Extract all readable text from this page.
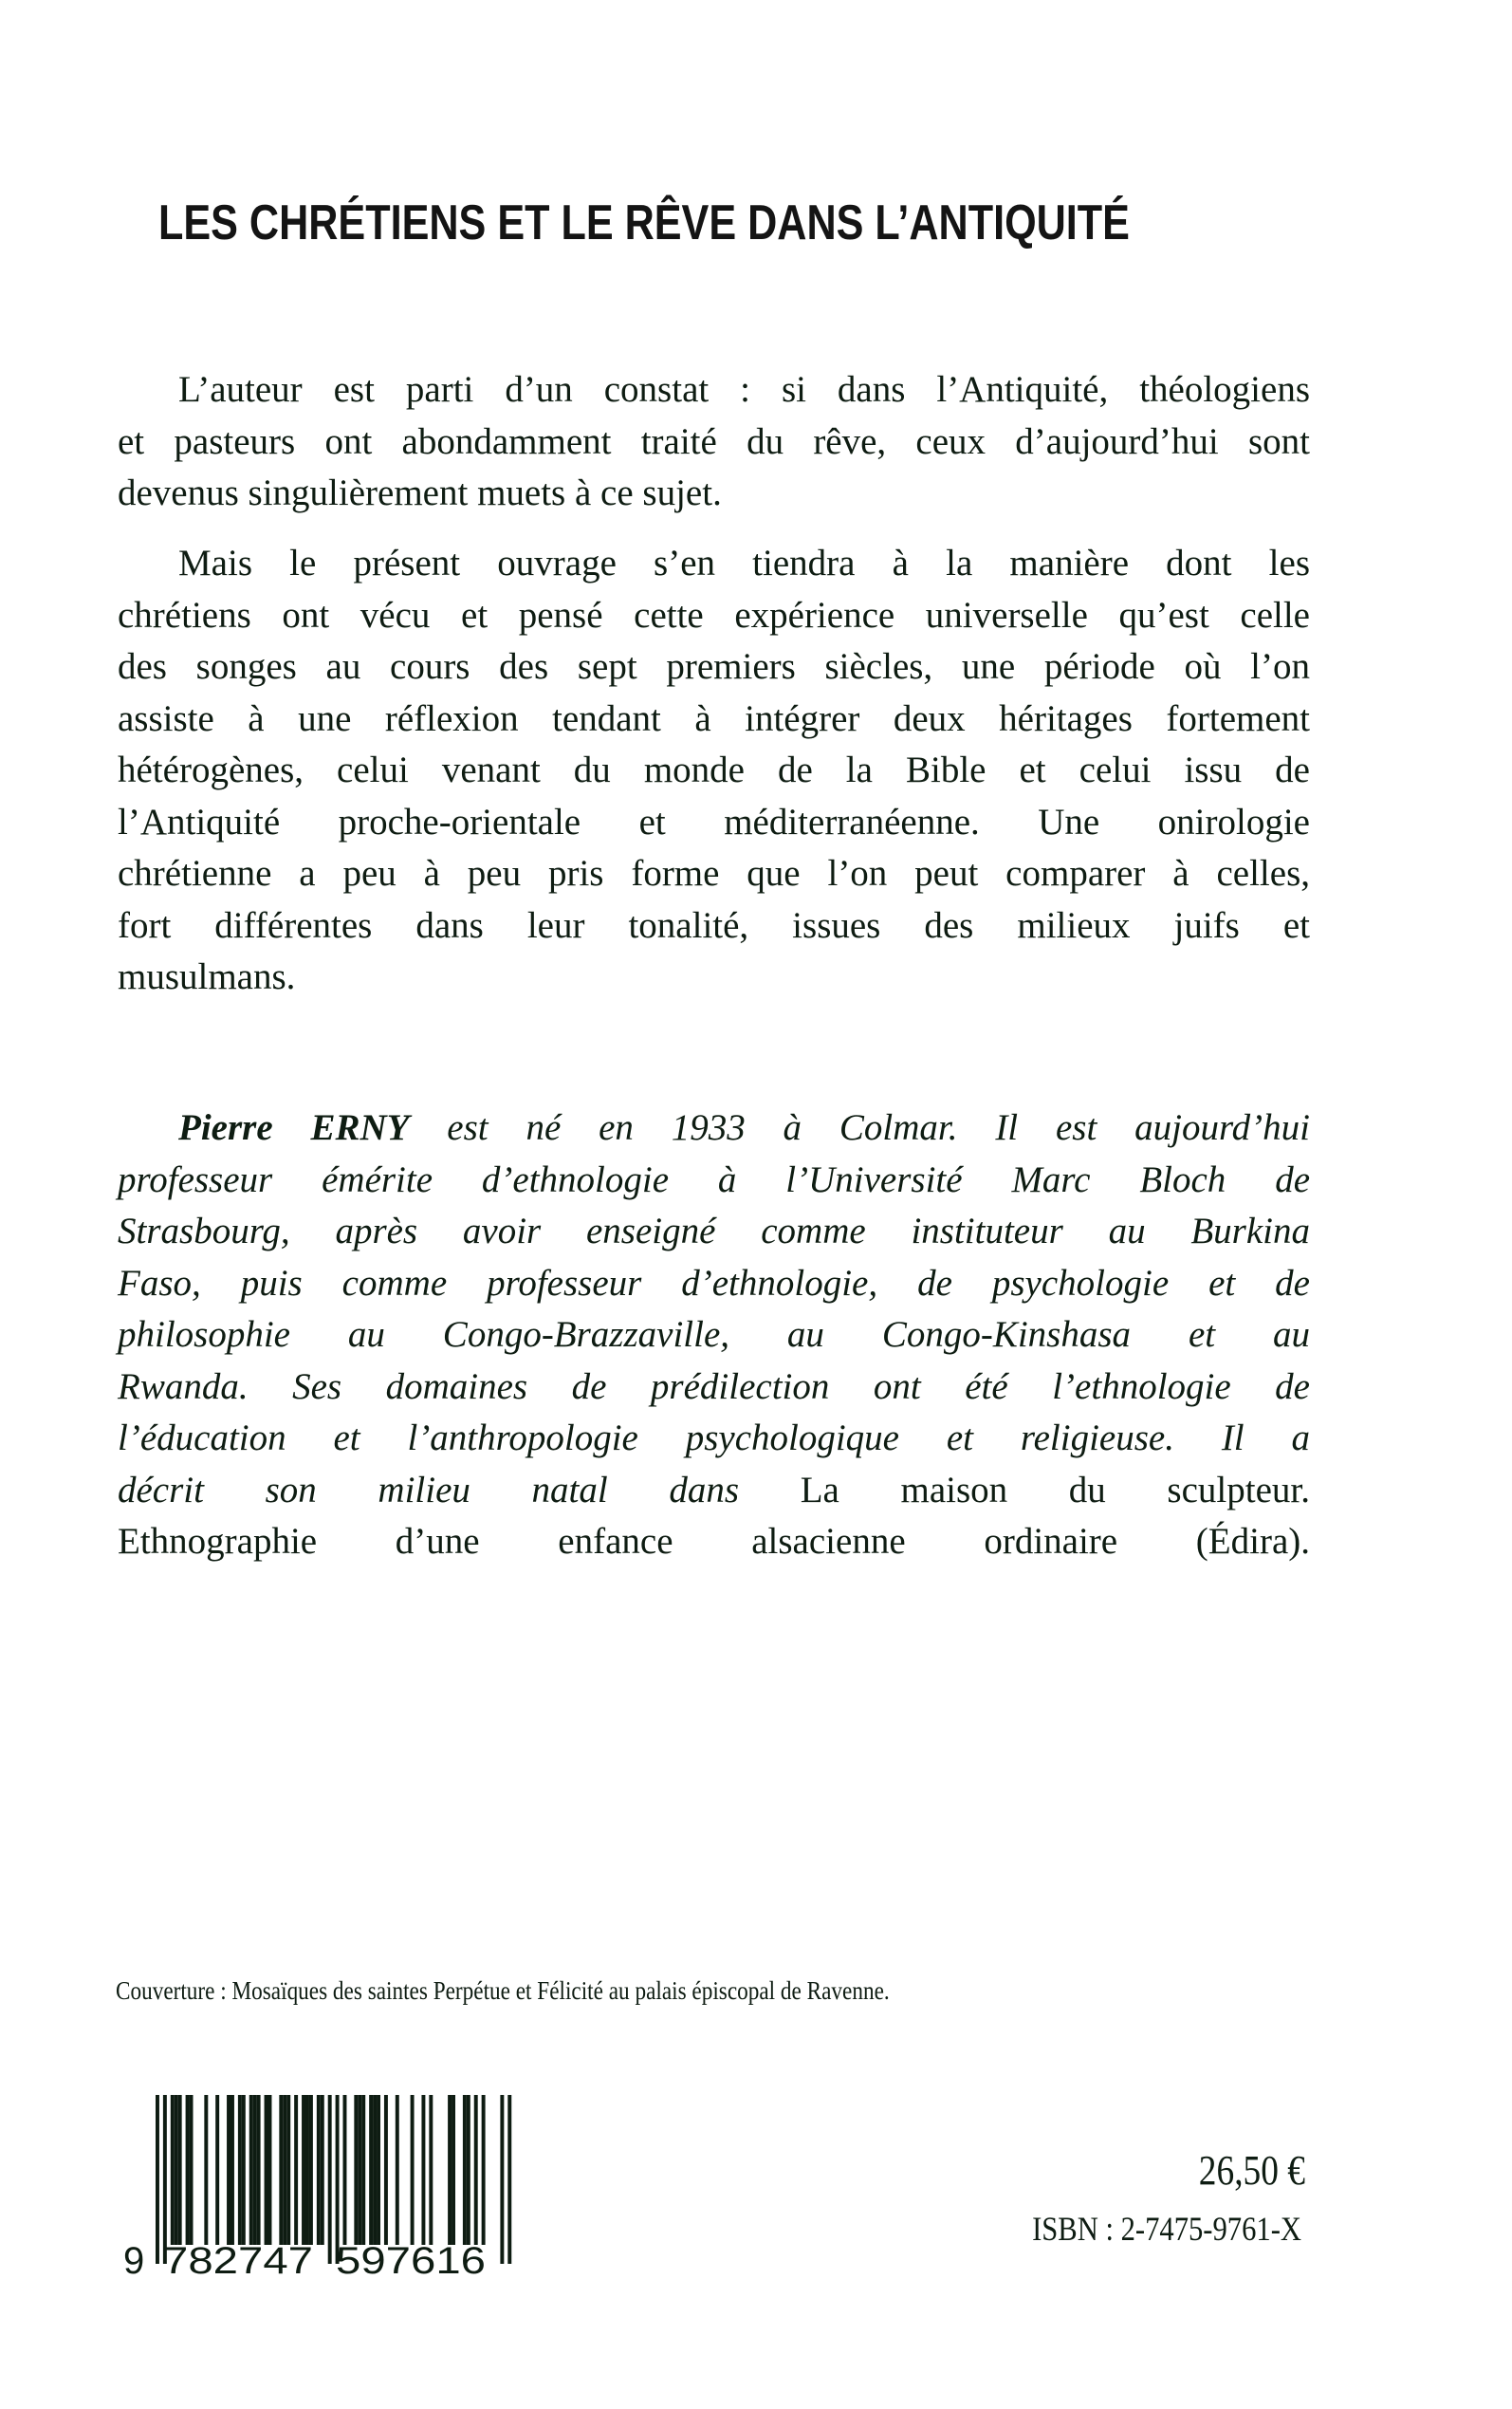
LES CHRÉTIENS ET LE RÊVE DANS L’ANTIQUITÉ
L’auteur est parti d’un constat : si dans l’Antiquité, théologiens
et pasteurs ont abondamment traité du rêve, ceux d’aujourd’hui sont
devenus singulièrement muets à ce sujet.
Mais le présent ouvrage s’en tiendra à la manière dont les
chrétiens ont vécu et pensé cette expérience universelle qu’est celle
des songes au cours des sept premiers siècles, une période où l’on
assiste à une réflexion tendant à intégrer deux héritages fortement
hétérogènes, celui venant du monde de la Bible et celui issu de
l’Antiquité proche-orientale et méditerranéenne. Une onirologie
chrétienne a peu à peu pris forme que l’on peut comparer à celles,
fort différentes dans leur tonalité, issues des milieux juifs et
musulmans.
Pierre ERNY est né en 1933 à Colmar. Il est aujourd’hui
professeur émérite d’ethnologie à l’Université Marc Bloch de
Strasbourg, après avoir enseigné comme instituteur au Burkina
Faso, puis comme professeur d’ethnologie, de psychologie et de
philosophie au Congo-Brazzaville, au Congo-Kinshasa et au
Rwanda. Ses domaines de prédilection ont été l’ethnologie de
l’éducation et l’anthropologie psychologique et religieuse. Il a
décrit son milieu natal dans La maison du sculpteur.
Ethnographie d’une enfance alsacienne ordinaire (Édira).
Couverture : Mosaïques des saintes Perpétue et Félicité au palais épiscopal de Ravenne.
9 782747 597616
26,50 €
ISBN : 2-7475-9761-X
